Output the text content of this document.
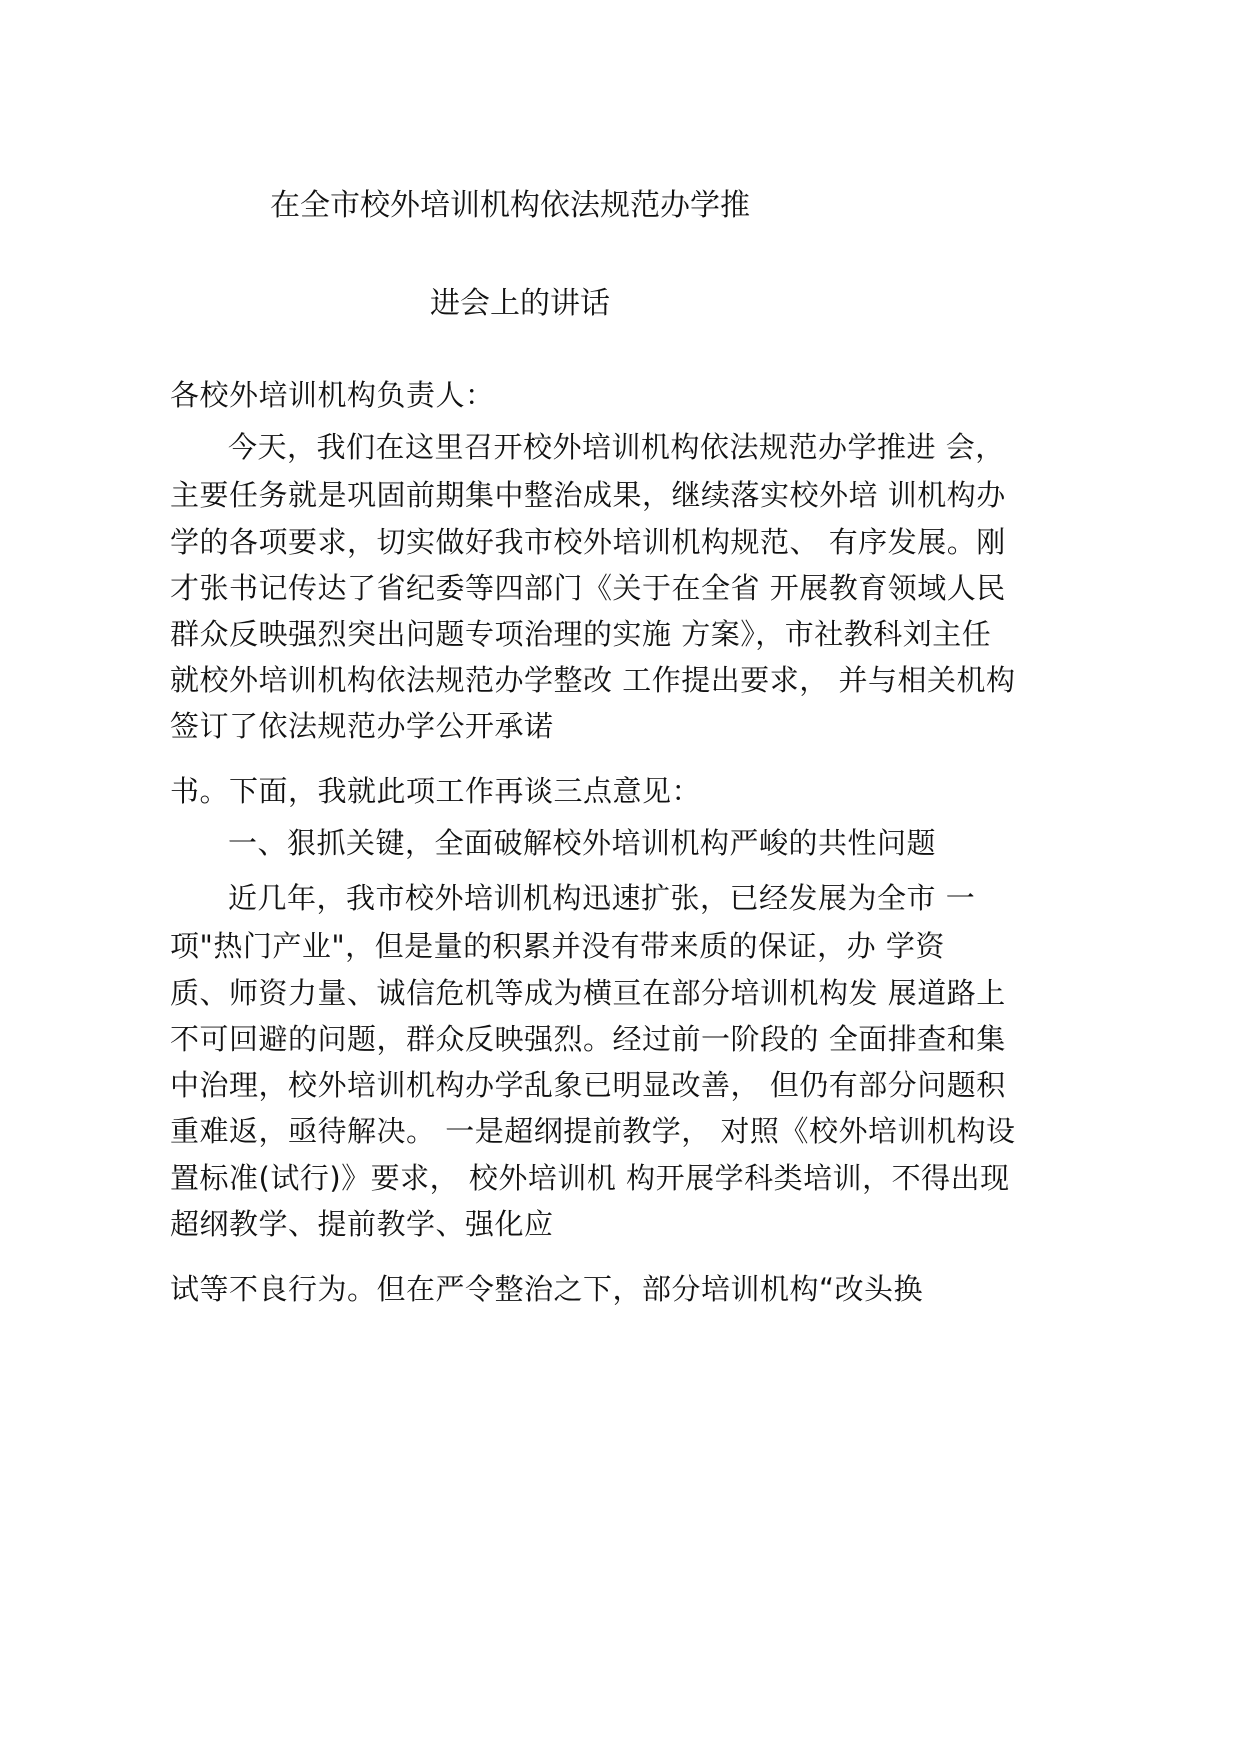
在全市校外培训机构依法规范办学推
进会上的讲话
各校外培训机构负责人：
今天，我们在这里召开校外培训机构依法规范办学推进 会，
主要任务就是巩固前期集中整治成果，继续落实校外培 训机构办
学的各项要求，切实做好我市校外培训机构规范、 有序发展。刚
才张书记传达了省纪委等四部门《关于在全省 开展教育领域人民
群众反映强烈突出问题专项治理的实施 方案》，市社教科刘主任
就校外培训机构依法规范办学整改 工作提出要求， 并与相关机构
签订了依法规范办学公开承诺
书。下面，我就此项工作再谈三点意见：
一、狠抓关键，全面破解校外培训机构严峻的共性问题
近几年，我市校外培训机构迅速扩张，已经发展为全市 一
项"热门产业"，但是量的积累并没有带来质的保证，办 学资
质、师资力量、诚信危机等成为横亘在部分培训机构发 展道路上
不可回避的问题，群众反映强烈。经过前一阶段的 全面排查和集
中治理，校外培训机构办学乱象已明显改善， 但仍有部分问题积
重难返，亟待解决。 一是超纲提前教学， 对照《校外培训机构设
置标准(试行)》要求， 校外培训机 构开展学科类培训，不得出现
超纲教学、提前教学、强化应
试等不良行为。但在严令整治之下，部分培训机构“改头换
